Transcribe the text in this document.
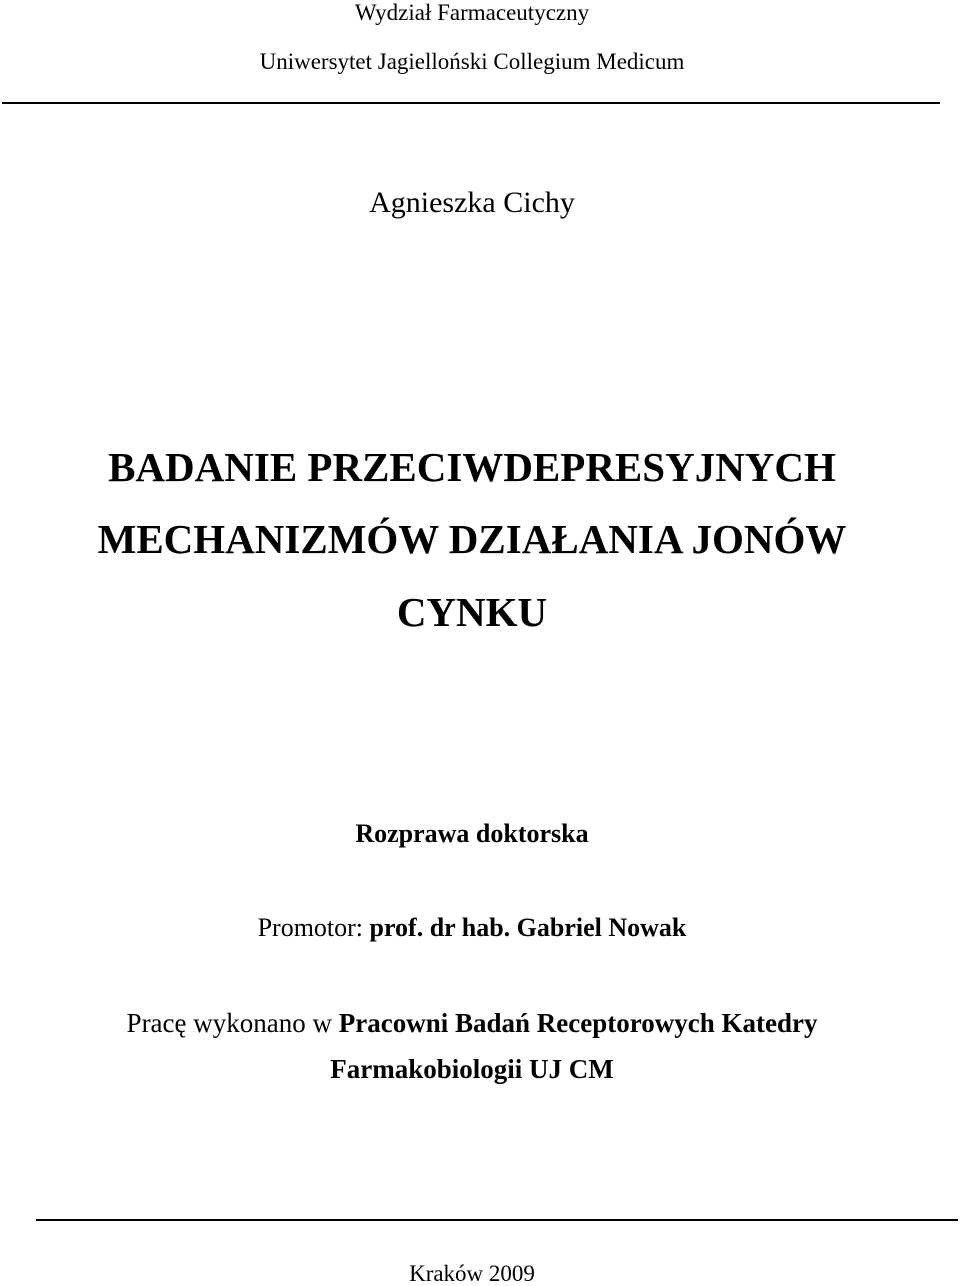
Wydział Farmaceutyczny
Uniwersytet Jagielloński Collegium Medicum
Agnieszka Cichy
BADANIE PRZECIWDEPRESYJNYCH
MECHANIZMÓW DZIAŁANIA JONÓW
CYNKU
Rozprawa doktorska
Promotor: prof. dr hab. Gabriel Nowak
Pracę wykonano w Pracowni Badań Receptorowych Katedry
Farmakobiologii UJ CM
Kraków 2009
